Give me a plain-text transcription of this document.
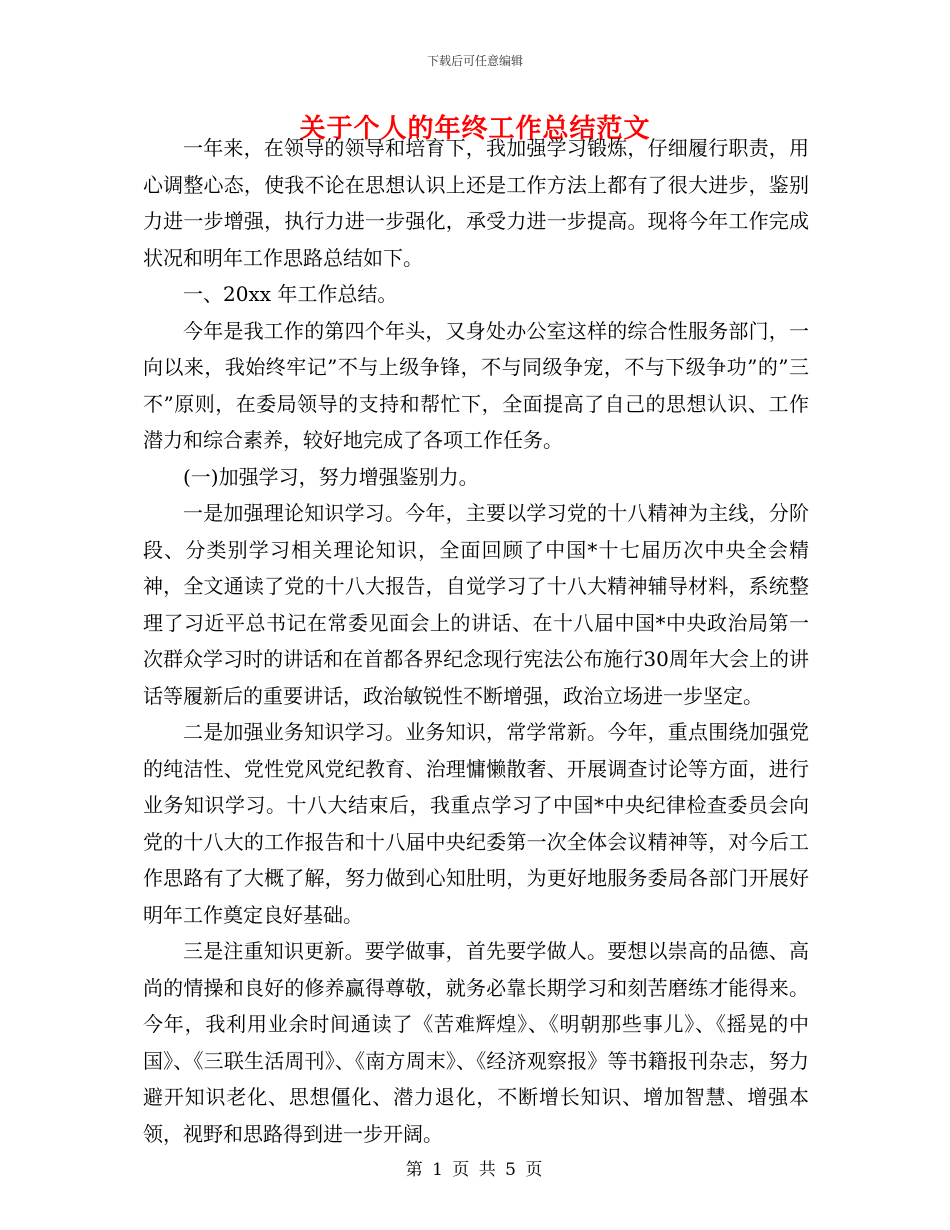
下载后可任意编辑
关于个人的年终工作总结范文

一年来，在领导的领导和培育下，我加强学习锻炼，仔细履行职责，用心调整心态，使我不论在思想认识上还是工作方法上都有了很大进步，鉴别力进一步增强，执行力进一步强化，承受力进一步提高。现将今年工作完成状况和明年工作思路总结如下。

一、20xx 年工作总结。

今年是我工作的第四个年头，又身处办公室这样的综合性服务部门，一向以来，我始终牢记”不与上级争锋，不与同级争宠，不与下级争功”的”三不”原则，在委局领导的支持和帮忙下，全面提高了自己的思想认识、工作潜力和综合素养，较好地完成了各项工作任务。

(一)加强学习，努力增强鉴别力。

一是加强理论知识学习。今年，主要以学习党的十八精神为主线，分阶段、分类别学习相关理论知识，全面回顾了中国*十七届历次中央全会精神，全文通读了党的十八大报告，自觉学习了十八大精神辅导材料，系统整理了习近平总书记在常委见面会上的讲话、在十八届中国*中央政治局第一次群众学习时的讲话和在首都各界纪念现行宪法公布施行30周年大会上的讲话等履新后的重要讲话，政治敏锐性不断增强，政治立场进一步坚定。

二是加强业务知识学习。业务知识，常学常新。今年，重点围绕加强党的纯洁性、党性党风党纪教育、治理慵懒散奢、开展调查讨论等方面，进行业务知识学习。十八大结束后，我重点学习了中国*中央纪律检查委员会向党的十八大的工作报告和十八届中央纪委第一次全体会议精神等，对今后工作思路有了大概了解，努力做到心知肚明，为更好地服务委局各部门开展好明年工作奠定良好基础。

三是注重知识更新。要学做事，首先要学做人。要想以崇高的品德、高尚的情操和良好的修养赢得尊敬，就务必靠长期学习和刻苦磨练才能得来。今年，我利用业余时间通读了《苦难辉煌》、《明朝那些事儿》、《摇晃的中国》、《三联生活周刊》、《南方周末》、《经济观察报》等书籍报刊杂志，努力避开知识老化、思想僵化、潜力退化，不断增长知识、增加智慧、增强本领，视野和思路得到进一步开阔。

第 1 页 共 5 页
